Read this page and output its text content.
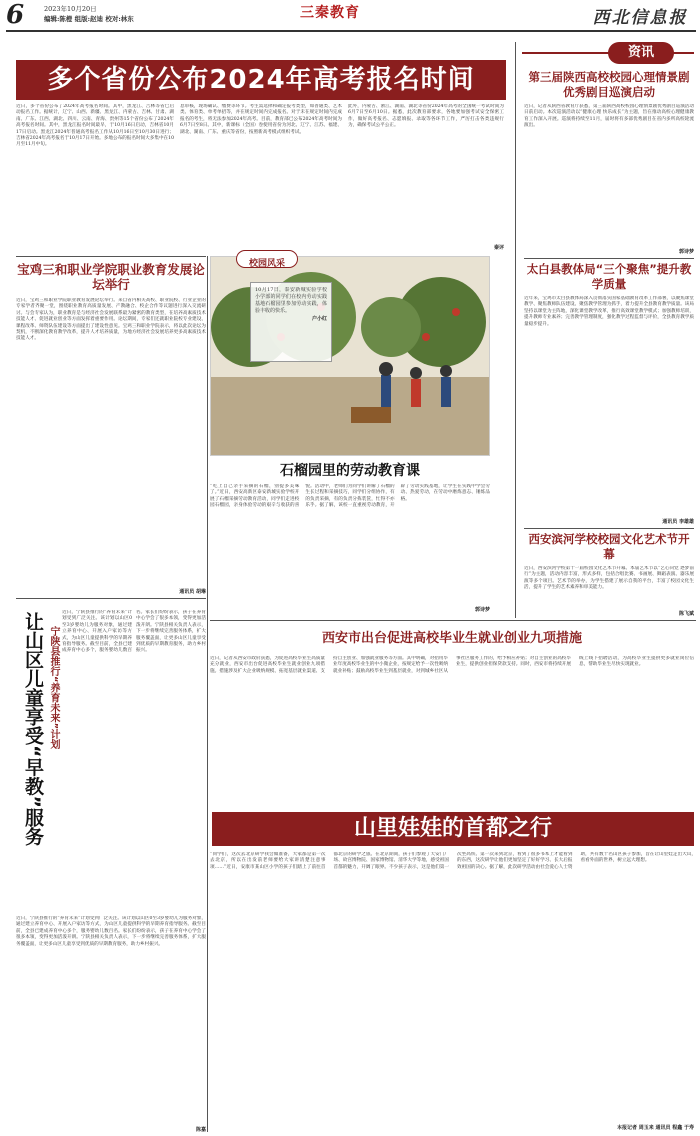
6	2023年10月20日
编辑:陈橙 组版:赵迪 校对:林东	三秦教育	西北信息报
多个省份公布2024年高考报名时间
近日，多个省份公布了2024年高考报名时间。其中，黑龙江、吉林等省已启动报名工作。据统计，辽宁、山西、新疆、黑龙江、内蒙古、吉林、甘肃、湖南、广东、江西、湖北、四川、云南、青海、贵州等15个省份公布了2024年高考报名时间。其中，黑龙江报名时间最早，于10月16日启动，吉林省10月17日启动。黑龙江2024年普通高考报名工作从10月16日至10月30日进行；吉林省2024年高考报名于10月17日开始。多地公布的报名时间大多集中在10月至11月中旬。
息审核，现场确认、缴费等环节。考生需选择和确定报考类型，如普通类、艺术类、体育类、单考单招等，并在规定时间内完成报名。对于未在规定时间内完成报名的考生，将无法参加2024年高考。目前，教育部已公布2024年高考时间为6月7日至8日。其中，新课标（全国）卷使用省份为河北、辽宁、江苏、福建、湖北、湖南、广东、重庆等省份，按照新高考模式组织考试。
此外，内蒙古、浙江、湖南、湖北等省份2024年高考的全国统一考试时间为6月7日至6月10日。据悉，此次教育部要求，各地要加强考试安全保密工作，做好高考报名、志愿填报、录取等各环节工作，严厉打击各类违规行为，确保考试公平公正。
秦评
宝鸡三和职业学院职业教育发展论坛举行
近日，宝鸡三和职业学院职业教育发展论坛举行。来自省内相关高校、职业院校、行业企业的专家学者齐聚一堂，围绕职业教育高质量发展、产教融合、校企合作等议题进行深入交流研讨。与会专家认为，职业教育是与经济社会发展联系最为紧密的教育类型，在培养高素质技术技能人才、促进就业创业等方面发挥着重要作用。论坛期间，专家们还就职业院校专业建设、课程改革、师资队伍建设等方面提出了建设性意见。宝鸡三和职业学院表示，将以此次论坛为契机，不断深化教育教学改革，提升人才培养质量，为地方经济社会发展培养更多高素质技术技能人才。
通讯员 胡琳
校园风采
10月17日，泰安新城实验学校小学部的同学们在校内劳动实践基地石榴园里参加劳动实践，体验丰收的快乐。
户小红
石榴园里的劳动教育课
“吃上自己亲手采摘的石榴，别提多美味了。”近日，西安高新区泰安新城实验学校开展了石榴采摘劳动教育活动，同学们走进校园石榴园，亲身体验劳动的艰辛与收获的喜悦。活动中，老师们为同学们讲解了石榴的生长过程和采摘技巧，同学们分组协作，有的负责采摘，有的负责分拣装筐，忙得不亦乐乎。据了解，该校一直重视劳动教育，开辟了劳动实践基地，让学生在实践中学会劳动、热爱劳动，在劳动中磨炼意志、锤炼品格。
郭诗梦
让山区儿童享受“早教”服务 宁陕县推行“养育未来”计划
近日，宁陕县推行的“养育未来”计划受到广泛关注。该计划以山区0至3岁婴幼儿为服务对象，通过建立养育中心、开展入户家访等方式，为山区儿童提供科学的早期养育指导服务。截至目前，全县已建成养育中心多个，服务婴幼儿数百名。家长们纷纷表示，孩子在养育中心学会了很多本领，变得更加活泼开朗。宁陕县相关负责人表示，下一步将继续完善服务体系，扩大服务覆盖面，让更多山区儿童享受到优质的早期教育服务，助力乡村振兴。
近日，宁陕县推行的“养育未来”计划受到广泛关注。该计划以山区0至3岁婴幼儿为服务对象，通过建立养育中心、开展入户家访等方式，为山区儿童提供科学的早期养育指导服务。截至目前，全县已建成养育中心多个，服务婴幼儿数百名。家长们纷纷表示，孩子在养育中心学会了很多本领，变得更加活泼开朗。宁陕县相关负责人表示，下一步将继续完善服务体系，扩大服务覆盖面，让更多山区儿童享受到优质的早期教育服务，助力乡村振兴。
陈嘉
西安市出台促进高校毕业生就业创业九项措施
近日，记者从西安市政府获悉，为促进高校毕业生高质量充分就业，西安市出台促进高校毕业生就业创业九项措施。措施涉及扩大企业吸纳规模、拓宽基层就业渠道、支持自主创业、加强就业服务等方面。其中明确，对招用毕业年度高校毕业生的中小微企业，按规定给予一次性吸纳就业补贴；鼓励高校毕业生到基层就业，对到城乡社区从事社区服务工作的，给予相应补贴；对自主创业的高校毕业生，提供创业担保贷款支持。同时，西安市将持续开展线上线下招聘活动，为高校毕业生提供更多就业岗位信息，帮助毕业生尽快实现就业。
山里娃娃的首都之行
“同学们，这次去北京研学我会做准备，大家都是第一次去北京，所以在出发前老师要给大家讲清楚注意事项……”近日，安康市某山区小学的孩子们踏上了前往首都北京的研学之旅。在北京期间，孩子们参观了天安门广场、故宫博物院、国家博物馆、清华大学等地，感受祖国首都的魅力，开阔了眼界。不少孩子表示，这是他们第一次坐高铁、第一次来到北京，看到了很多书本上才能看到的东西，这次研学让他们更加坚定了好好学习、长大后报效祖国的决心。据了解，此次研学活动由社会爱心人士资助，共有数十名山区孩子参加，旨在让山里娃走出大山，看看外面的世界，树立远大理想。
本报记者 周玉来 通讯员 程鑫 于寿
资讯
第三届陕西高校校园心理情景剧优秀剧目巡演启动
近日，记者从陕西省教育厅获悉，第三届陕西高校校园心理情景剧优秀剧目巡演活动日前启动。本次巡演活动以“健康心理 快乐成长”为主题，旨在推动高校心理健康教育工作深入开展。巡演将持续至11月，届时将有多部优秀剧目在省内多所高校轮流演出。
郭诗梦
太白县教体局“三个聚焦”提升教学质量
近年来，宝鸡市太白县教体局深入贯彻落实国家基础教育改革工作部署，以聚焦课堂教学、聚焦教师队伍建设、聚焦教学管理为抓手，着力提升全县教育教学质量。该局坚持以课堂为主阵地，深化课堂教学改革，推行高效课堂教学模式；加强教师培训，提升教师专业素养；完善教学管理制度，强化教学过程监督与评价，全县教育教学质量稳步提升。
通讯员 李雄雄
西安滨河学校校园文化艺术节开幕
近日，西安滨河学校第十一届校园文化艺术节开幕。本届艺术节以“艺心向党 逐梦前行”为主题，活动内容丰富，形式多样，包括合唱比赛、书画展、舞蹈表演、器乐展演等多个项目。艺术节的举办，为学生搭建了展示自我的平台，丰富了校园文化生活，提升了学生的艺术素养和审美能力。
陈飞斌
